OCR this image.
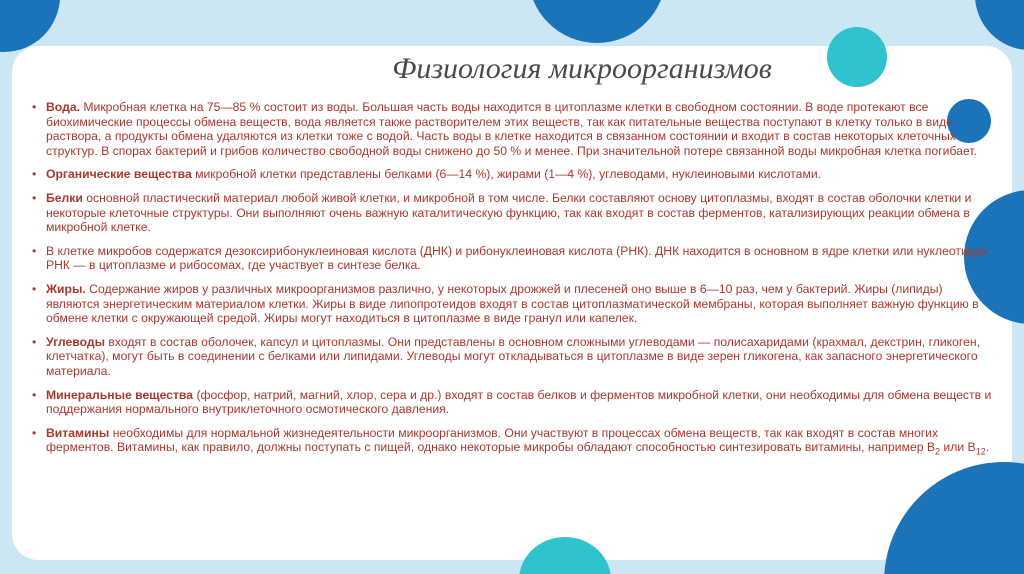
Физиология микроорганизмов
• Вода. Микробная клетка на 75—85 % состоит из воды. Большая часть воды находится в цитоплазме клетки в свободном состоянии. В воде протекают все биохимические процессы обмена веществ, вода является также растворителем этих веществ, так как питательные вещества поступают в клетку только в виде раствора, а продукты обмена удаляются из клетки тоже с водой. Часть воды в клетке находится в связанном состоянии и входит в состав некоторых клеточных структур. В спорах бактерий и грибов количество свободной воды снижено до 50 % и менее. При значительной потере связанной воды микробная клетка погибает.
• Органические вещества микробной клетки представлены белками (6—14 %), жирами (1—4 %), углеводами, нуклеиновыми кислотами.
• Белки основной пластический материал любой живой клетки, и микробной в том числе. Белки составляют основу цитоплазмы, входят в состав оболочки клетки и некоторые клеточные структуры. Они выполняют очень важную каталитическую функцию, так как входят в состав ферментов, катализирующих реакции обмена в микробной клетке.
• В клетке микробов содержатся дезоксирибонуклеиновая кислота (ДНК) и рибонуклеиновая кислота (РНК). ДНК находится в основном в ядре клетки или нуклеотидах, РНК — в цитоплазме и рибосомах, где участвует в синтезе белка.
• Жиры. Содержание жиров у различных микроорганизмов различно, у некоторых дрожжей и плесеней оно выше в 6—10 раз, чем у бактерий. Жиры (липиды) являются энергетическим материалом клетки. Жиры в виде липопротеидов входят в состав цитоплазматической мембраны, которая выполняет важную функцию в обмене клетки с окружающей средой. Жиры могут находиться в цитоплазме в виде гранул или капелек.
• Углеводы входят в состав оболочек, капсул и цитоплазмы. Они представлены в основном сложными углеводами — полисахаридами (крахмал, декстрин, гликоген, клетчатка), могут быть в соединении с белками или липидами. Углеводы могут откладываться в цитоплазме в виде зерен гликогена, как запасного энергетического материала.
• Минеральные вещества (фосфор, натрий, магний, хлор, сера и др.) входят в состав белков и ферментов микробной клетки, они необходимы для обмена веществ и поддержания нормального внутриклеточного осмотического давления.
• Витамины необходимы для нормальной жизнедеятельности микроорганизмов. Они участвуют в процессах обмена веществ, так как входят в состав многих ферментов. Витамины, как правило, должны поступать с пищей, однако некоторые микробы обладают способностью синтезировать витамины, например $В_2$ или $В_{12}$.
